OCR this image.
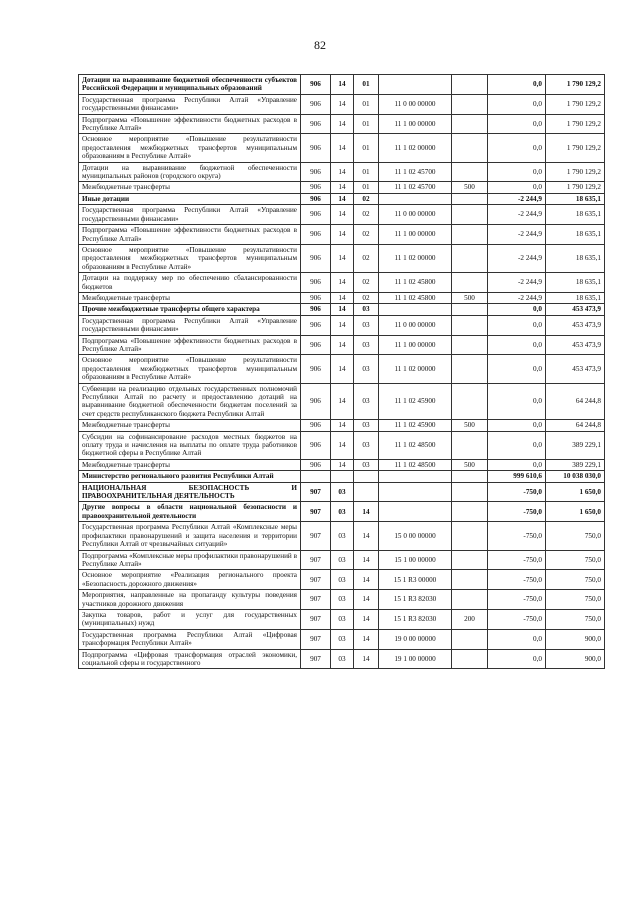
82
Дотации на выравнивание бюджетной обеспеченности субъектов Российской Федерации и муниципальных образований	906	14	01			0,0	1 790 129,2
Государственная программа Республики Алтай «Управление государственными финансами»	906	14	01	11 0 00 00000		0,0	1 790 129,2
Подпрограмма «Повышение эффективности бюджетных расходов в Республике Алтай»	906	14	01	11 1 00 00000		0,0	1 790 129,2
Основное мероприятие «Повышение результативности предоставления межбюджетных трансфертов муниципальным образованиям в Республике Алтай»	906	14	01	11 1 02 00000		0,0	1 790 129,2
Дотации на выравнивание бюджетной обеспеченности муниципальных районов (городского округа)	906	14	01	11 1 02 45700		0,0	1 790 129,2
Межбюджетные трансферты	906	14	01	11 1 02 45700	500	0,0	1 790 129,2
Иные дотации	906	14	02			-2 244,9	18 635,1
Государственная программа Республики Алтай «Управление государственными финансами»	906	14	02	11 0 00 00000		-2 244,9	18 635,1
Подпрограмма «Повышение эффективности бюджетных расходов в Республике Алтай»	906	14	02	11 1 00 00000		-2 244,9	18 635,1
Основное мероприятие «Повышение результативности предоставления межбюджетных трансфертов муниципальным образованиям в Республике Алтай»	906	14	02	11 1 02 00000		-2 244,9	18 635,1
Дотации на поддержку мер по обеспечению сбалансированности бюджетов	906	14	02	11 1 02 45800		-2 244,9	18 635,1
Межбюджетные трансферты	906	14	02	11 1 02 45800	500	-2 244,9	18 635,1
Прочие межбюджетные трансферты общего характера	906	14	03			0,0	453 473,9
Государственная программа Республики Алтай «Управление государственными финансами»	906	14	03	11 0 00 00000		0,0	453 473,9
Подпрограмма «Повышение эффективности бюджетных расходов в Республике Алтай»	906	14	03	11 1 00 00000		0,0	453 473,9
Основное мероприятие «Повышение результативности предоставления межбюджетных трансфертов муниципальным образованиям в Республике Алтай»	906	14	03	11 1 02 00000		0,0	453 473,9
Субвенции на реализацию отдельных государственных полномочий Республики Алтай по расчету и предоставлению дотаций на выравнивание бюджетной обеспеченности бюджетам поселений за счет средств республиканского бюджета Республики Алтай	906	14	03	11 1 02 45900		0,0	64 244,8
Межбюджетные трансферты	906	14	03	11 1 02 45900	500	0,0	64 244,8
Субсидии на софинансирование расходов местных бюджетов на оплату труда и начисления на выплаты по оплате труда работников бюджетной сферы в Республике Алтай	906	14	03	11 1 02 48500		0,0	389 229,1
Межбюджетные трансферты	906	14	03	11 1 02 48500	500	0,0	389 229,1
Министерство регионального развития Республики Алтай						999 610,6	10 038 030,0
НАЦИОНАЛЬНАЯ БЕЗОПАСНОСТЬ И ПРАВООХРАНИТЕЛЬНАЯ ДЕЯТЕЛЬНОСТЬ	907	03				-750,0	1 650,0
Другие вопросы в области национальной безопасности и правоохранительной деятельности	907	03	14			-750,0	1 650,0
Государственная программа Республики Алтай «Комплексные меры профилактики правонарушений и защита населения и территории Республики Алтай от чрезвычайных ситуаций»	907	03	14	15 0 00 00000		-750,0	750,0
Подпрограмма «Комплексные меры профилактики правонарушений в Республике Алтай»	907	03	14	15 1 00 00000		-750,0	750,0
Основное мероприятие «Реализация регионального проекта «Безопасность дорожного движения»	907	03	14	15 1 R3 00000		-750,0	750,0
Мероприятия, направленные на пропаганду культуры поведения участников дорожного движения	907	03	14	15 1 R3 82030		-750,0	750,0
Закупка товаров, работ и услуг для государственных (муниципальных) нужд	907	03	14	15 1 R3 82030	200	-750,0	750,0
Государственная программа Республики Алтай «Цифровая трансформация Республики Алтай»	907	03	14	19 0 00 00000		0,0	900,0
Подпрограмма «Цифровая трансформация отраслей экономики, социальной сферы и государственного	907	03	14	19 1 00 00000		0,0	900,0
